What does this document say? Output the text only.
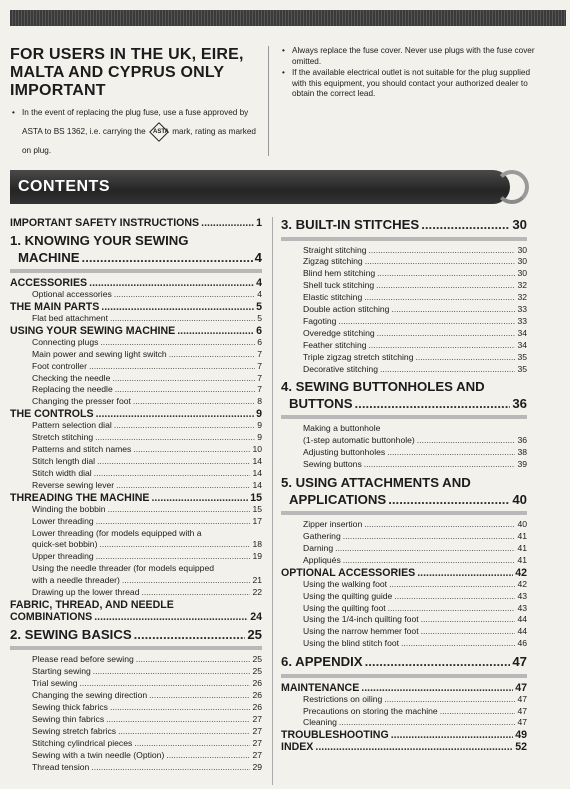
FOR USERS IN THE UK, EIRE,
MALTA AND CYPRUS ONLY
IMPORTANT
• In the event of replacing the plug fuse, use a fuse approved by ASTA to BS 1362, i.e. carrying the ASTA mark, rating as marked on plug.
• Always replace the fuse cover. Never use plugs with the fuse cover omitted.
• If the available electrical outlet is not suitable for the plug supplied with this equipment, you should contact your authorized dealer to obtain the correct lead.
CONTENTS
IMPORTANT SAFETY INSTRUCTIONS .....	1
1. KNOWING YOUR SEWING
MACHINE .....	4
ACCESSORIES .....	4
Optional accessories .....	4
THE MAIN PARTS .....	5
Flat bed attachment .....	5
USING YOUR SEWING MACHINE .....	6
Connecting plugs .....	6
Main power and sewing light switch .....	7
Foot controller .....	7
Checking the needle .....	7
Replacing the needle .....	7
Changing the presser foot .....	8
THE CONTROLS .....	9
Pattern selection dial .....	9
Stretch stitching .....	9
Patterns and stitch names .....	10
Stitch length dial .....	14
Stitch width dial .....	14
Reverse sewing lever .....	14
THREADING THE MACHINE .....	15
Winding the bobbin .....	15
Lower threading .....	17
Lower threading (for models equipped with a
quick-set bobbin) .....	18
Upper threading .....	19
Using the needle threader (for models equipped
with a needle threader) .....	21
Drawing up the lower thread .....	22
FABRIC, THREAD, AND NEEDLE
COMBINATIONS .....	24
2. SEWING BASICS .....	25
Please read before sewing .....	25
Starting sewing .....	25
Trial sewing .....	26
Changing the sewing direction .....	26
Sewing thick fabrics .....	26
Sewing thin fabrics .....	27
Sewing stretch fabrics .....	27
Stitching cylindrical pieces .....	27
Sewing with a twin needle (Option) .....	27
Thread tension .....	29
3. BUILT-IN STITCHES .....	30
Straight stitching .....	30
Zigzag stitching .....	30
Blind hem stitching .....	30
Shell tuck stitching .....	32
Elastic stitching .....	32
Double action stitching .....	33
Fagoting .....	33
Overedge stitching .....	34
Feather stitching .....	34
Triple zigzag stretch stitching .....	35
Decorative stitching .....	35
4. SEWING BUTTONHOLES AND
BUTTONS .....	36
Making a buttonhole
(1-step automatic buttonhole) .....	36
Adjusting buttonholes .....	38
Sewing buttons .....	39
5. USING ATTACHMENTS AND
APPLICATIONS .....	40
Zipper insertion .....	40
Gathering .....	41
Darning .....	41
Appliqués .....	41
OPTIONAL ACCESSORIES .....	42
Using the walking foot .....	42
Using the quilting guide .....	43
Using the quilting foot .....	43
Using the 1/4-inch quilting foot .....	44
Using the narrow hemmer foot .....	44
Using the blind stitch foot .....	46
6. APPENDIX .....	47
MAINTENANCE .....	47
Restrictions on oiling .....	47
Precautions on storing the machine .....	47
Cleaning .....	47
TROUBLESHOOTING .....	49
INDEX .....	52
